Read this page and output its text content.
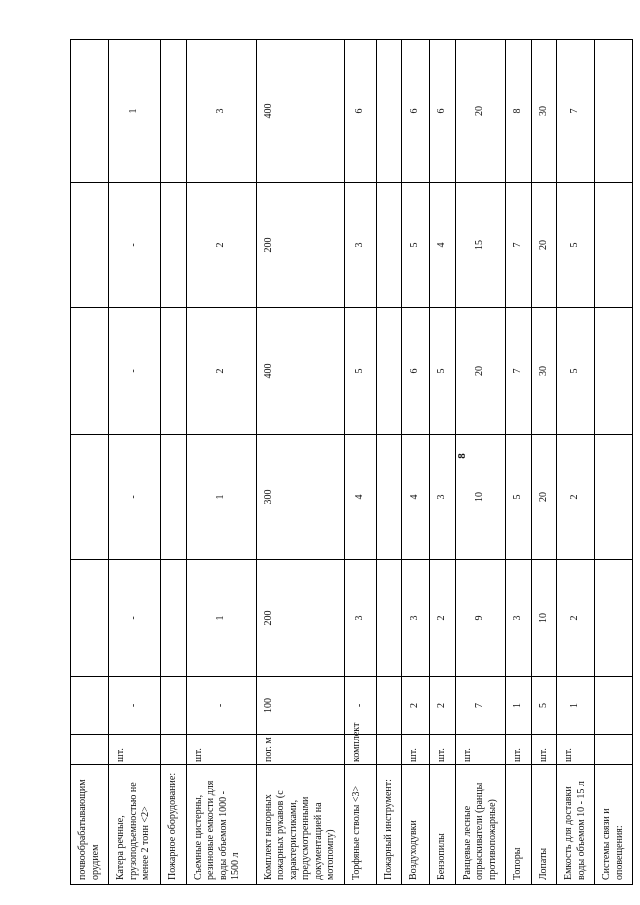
8
почвообрабатывающим орудием							
Катера речные, грузоподъемностью не менее 2 тонн <2>	шт.	-	-	-	-	-	1
Пожарное оборудование:							
Съемные цистерны, резиновые емкости для воды объемом 1000 - 1500 л	шт.	-	1	1	2	2	3
Комплект напорных пожарных рукавов (с характеристиками, предусмотренными документацией на мотопомпу)	пог. м	100	200	300	400	200	400
Торфяные стволы <3>	комплект	-	3	4	5	3	6
Пожарный инструмент:							
Воздуходувки	шт.	2	3	4	6	5	6
Бензопилы	шт.	2	2	3	5	4	6
Ранцевые лесные опрыскиватели (ранцы противопожарные)	шт.	7	9	10	20	15	20
Топоры	шт.	1	3	5	7	7	8
Лопаты	шт.	5	10	20	30	20	30
Емкость для доставки воды объемом 10 - 15 л	шт.	1	2	2	5	5	7
Системы связи и оповещения:							
